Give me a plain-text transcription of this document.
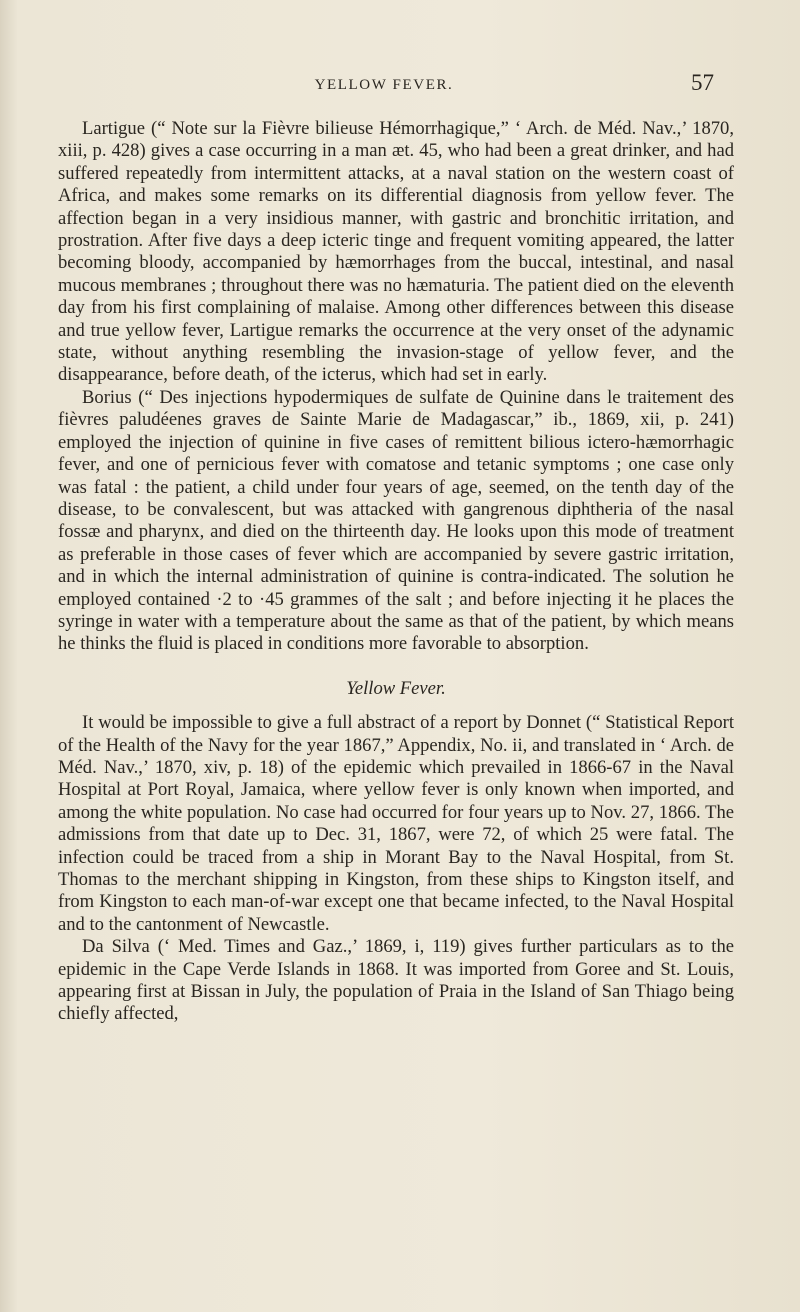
YELLOW FEVER.	57

Lartigue (“ Note sur la Fièvre bilieuse Hémorrhagique,” ‘ Arch. de Méd. Nav.,’ 1870, xiii, p. 428) gives a case occurring in a man æt. 45, who had been a great drinker, and had suffered repeatedly from intermittent attacks, at a naval station on the western coast of Africa, and makes some remarks on its differential diagnosis from yellow fever. The affection began in a very insidious manner, with gastric and bronchitic irritation, and prostration. After five days a deep icteric tinge and frequent vomiting appeared, the latter becoming bloody, accompanied by hæmorrhages from the buccal, intestinal, and nasal mucous membranes ; throughout there was no hæmaturia. The patient died on the eleventh day from his first complaining of malaise. Among other differences between this disease and true yellow fever, Lartigue remarks the occurrence at the very onset of the adynamic state, without anything resembling the invasion-stage of yellow fever, and the disappearance, before death, of the icterus, which had set in early.

Borius (“ Des injections hypodermiques de sulfate de Quinine dans le traitement des fièvres paludéenes graves de Sainte Marie de Madagascar,” ib., 1869, xii, p. 241) employed the injection of quinine in five cases of remittent bilious ictero-hæmorrhagic fever, and one of pernicious fever with comatose and tetanic symptoms ; one case only was fatal : the patient, a child under four years of age, seemed, on the tenth day of the disease, to be convalescent, but was attacked with gangrenous diphtheria of the nasal fossæ and pharynx, and died on the thirteenth day. He looks upon this mode of treatment as preferable in those cases of fever which are accompanied by severe gastric irritation, and in which the internal administration of quinine is contra-indicated. The solution he employed contained ·2 to ·45 grammes of the salt ; and before injecting it he places the syringe in water with a temperature about the same as that of the patient, by which means he thinks the fluid is placed in conditions more favorable to absorption.

Yellow Fever.

It would be impossible to give a full abstract of a report by Donnet (“ Statistical Report of the Health of the Navy for the year 1867,” Appendix, No. ii, and translated in ‘ Arch. de Méd. Nav.,’ 1870, xiv, p. 18) of the epidemic which prevailed in 1866-67 in the Naval Hospital at Port Royal, Jamaica, where yellow fever is only known when imported, and among the white population. No case had occurred for four years up to Nov. 27, 1866. The admissions from that date up to Dec. 31, 1867, were 72, of which 25 were fatal. The infection could be traced from a ship in Morant Bay to the Naval Hospital, from St. Thomas to the merchant shipping in Kingston, from these ships to Kingston itself, and from Kingston to each man-of-war except one that became infected, to the Naval Hospital and to the cantonment of Newcastle.

Da Silva (‘ Med. Times and Gaz.,’ 1869, i, 119) gives further particulars as to the epidemic in the Cape Verde Islands in 1868. It was imported from Goree and St. Louis, appearing first at Bissan in July, the population of Praia in the Island of San Thiago being chiefly affected,
